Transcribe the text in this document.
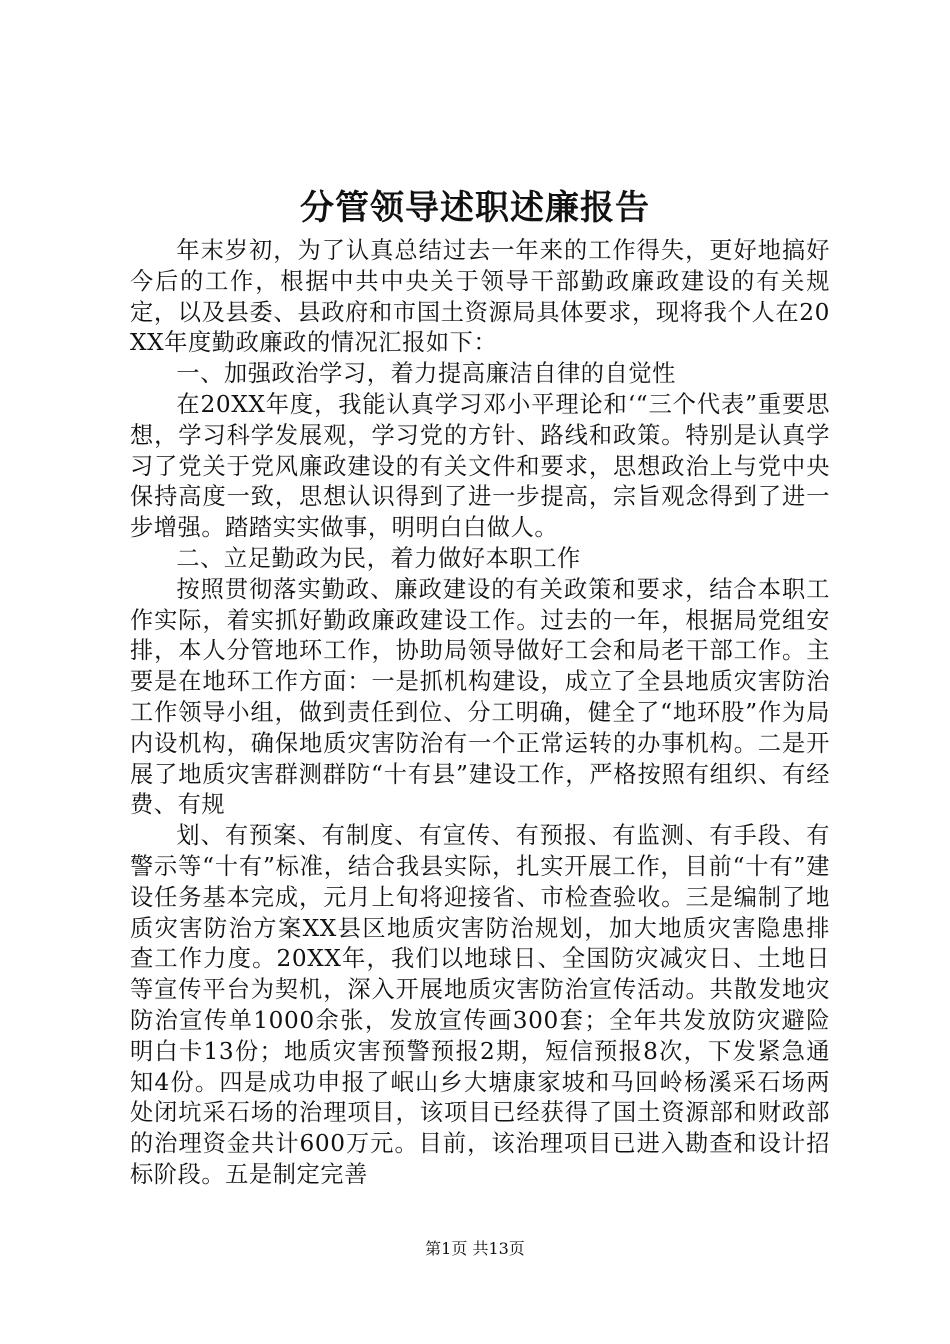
分管领导述职述廉报告

年末岁初，为了认真总结过去一年来的工作得失，更好地搞好今后的工作，根据中共中央关于领导干部勤政廉政建设的有关规定，以及县委、县政府和市国土资源局具体要求，现将我个人在20XX年度勤政廉政的情况汇报如下：

一、加强政治学习，着力提高廉洁自律的自觉性

在20XX年度，我能认真学习邓小平理论和‘“三个代表”重要思想，学习科学发展观，学习党的方针、路线和政策。特别是认真学习了党关于党风廉政建设的有关文件和要求，思想政治上与党中央保持高度一致，思想认识得到了进一步提高，宗旨观念得到了进一步增强。踏踏实实做事，明明白白做人。

二、立足勤政为民，着力做好本职工作

按照贯彻落实勤政、廉政建设的有关政策和要求，结合本职工作实际，着实抓好勤政廉政建设工作。过去的一年，根据局党组安排，本人分管地环工作，协助局领导做好工会和局老干部工作。主要是在地环工作方面：一是抓机构建设，成立了全县地质灾害防治工作领导小组，做到责任到位、分工明确，健全了“地环股”作为局内设机构，确保地质灾害防治有一个正常运转的办事机构。二是开展了地质灾害群测群防“十有县”建设工作，严格按照有组织、有经费、有规

划、有预案、有制度、有宣传、有预报、有监测、有手段、有警示等“十有”标准，结合我县实际，扎实开展工作，目前“十有”建设任务基本完成，元月上旬将迎接省、市检查验收。三是编制了地质灾害防治方案XX县区地质灾害防治规划，加大地质灾害隐患排查工作力度。20XX年，我们以地球日、全国防灾减灾日、土地日等宣传平台为契机，深入开展地质灾害防治宣传活动。共散发地灾防治宣传单1000余张，发放宣传画300套；全年共发放防灾避险明白卡13份；地质灾害预警预报2期，短信预报8次，下发紧急通知4份。四是成功申报了岷山乡大塘康家坡和马回岭杨溪采石场两处闭坑采石场的治理项目，该项目已经获得了国土资源部和财政部的治理资金共计600万元。目前，该治理项目已进入勘查和设计招标阶段。五是制定完善

第1页 共13页
